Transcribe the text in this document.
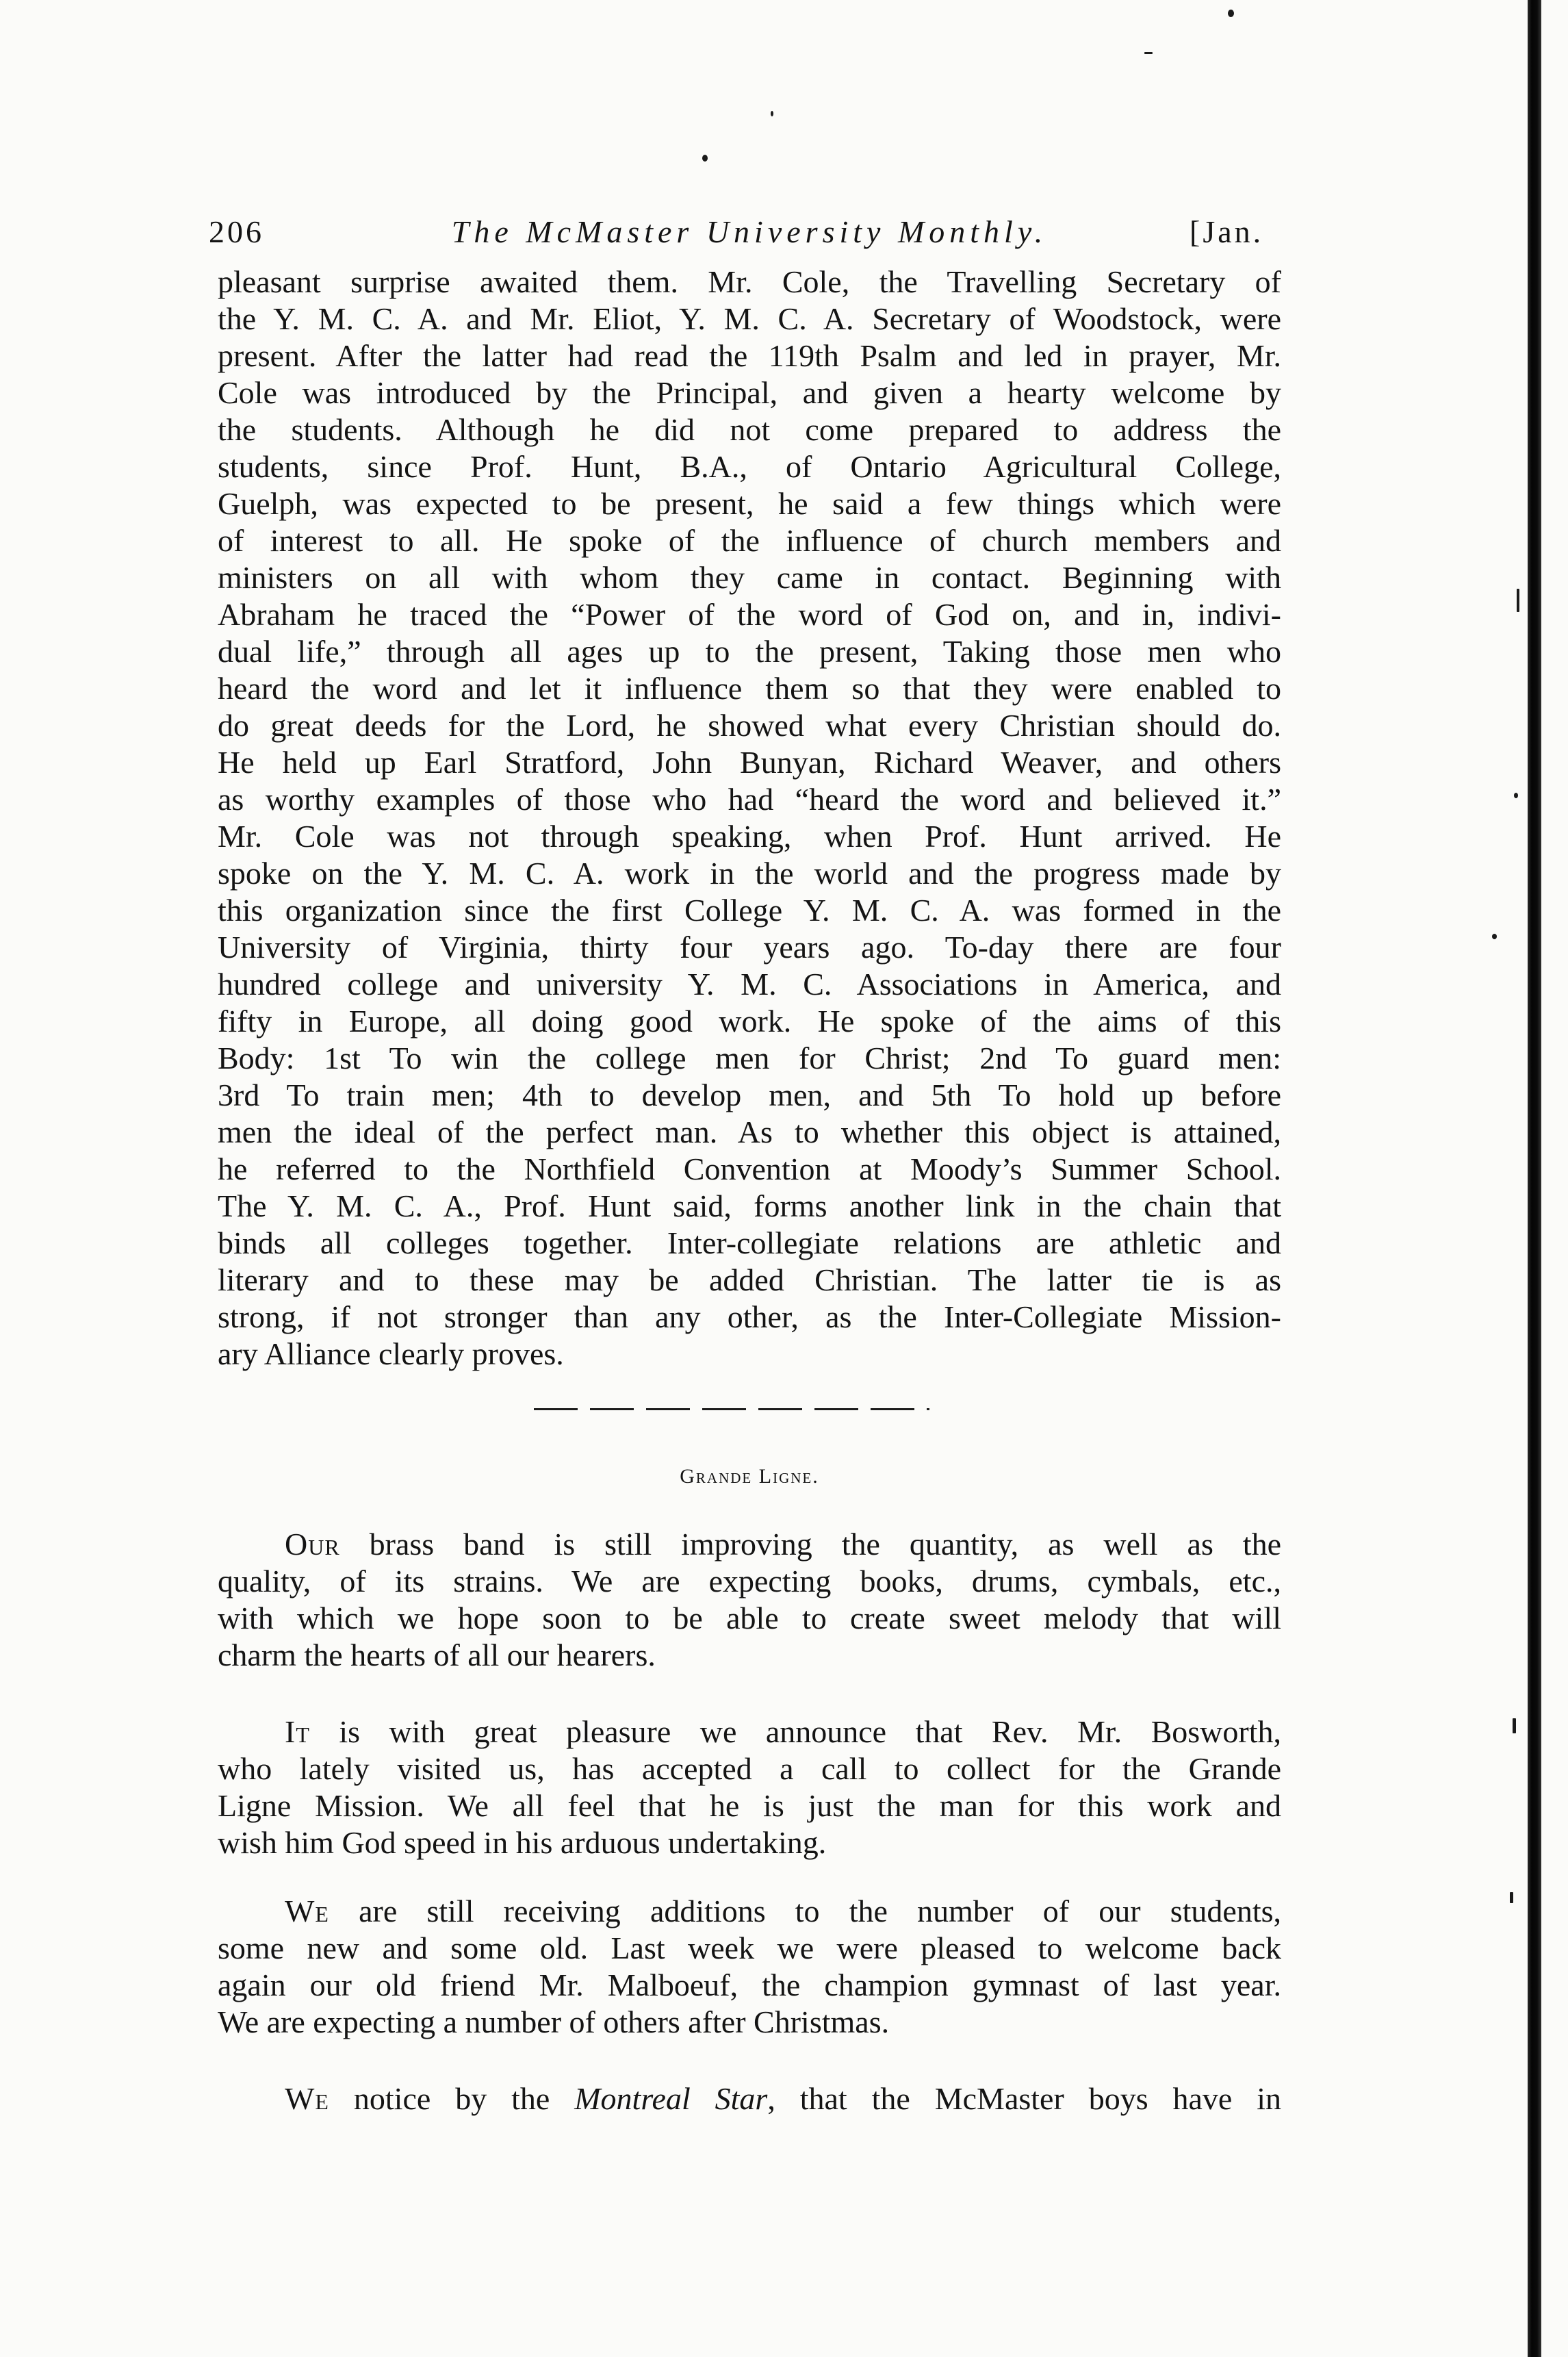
206	The McMaster University Monthly.	[Jan.
pleasant surprise awaited them. Mr. Cole, the Travelling Secretary of
the Y. M. C. A. and Mr. Eliot, Y. M. C. A. Secretary of Woodstock, were
present. After the latter had read the 119th Psalm and led in prayer, Mr.
Cole was introduced by the Principal, and given a hearty welcome by
the students. Although he did not come prepared to address the
students, since Prof. Hunt, B.A., of Ontario Agricultural College,
Guelph, was expected to be present, he said a few things which were
of interest to all. He spoke of the influence of church members and
ministers on all with whom they came in contact. Beginning with
Abraham he traced the “Power of the word of God on, and in, indivi-
dual life,” through all ages up to the present, Taking those men who
heard the word and let it influence them so that they were enabled to
do great deeds for the Lord, he showed what every Christian should do.
He held up Earl Stratford, John Bunyan, Richard Weaver, and others
as worthy examples of those who had “heard the word and believed it.”
Mr. Cole was not through speaking, when Prof. Hunt arrived. He
spoke on the Y. M. C. A. work in the world and the progress made by
this organization since the first College Y. M. C. A. was formed in the
University of Virginia, thirty four years ago. To-day there are four
hundred college and university Y. M. C. Associations in America, and
fifty in Europe, all doing good work. He spoke of the aims of this
Body: 1st To win the college men for Christ; 2nd To guard men:
3rd To train men; 4th to develop men, and 5th To hold up before
men the ideal of the perfect man. As to whether this object is attained,
he referred to the Northfield Convention at Moody’s Summer School.
The Y. M. C. A., Prof. Hunt said, forms another link in the chain that
binds all colleges together. Inter-collegiate relations are athletic and
literary and to these may be added Christian. The latter tie is as
strong, if not stronger than any other, as the Inter-Collegiate Mission-
ary Alliance clearly proves.
Grande Ligne.
Our brass band is still improving the quantity, as well as the
quality, of its strains. We are expecting books, drums, cymbals, etc.,
with which we hope soon to be able to create sweet melody that will
charm the hearts of all our hearers.
It is with great pleasure we announce that Rev. Mr. Bosworth,
who lately visited us, has accepted a call to collect for the Grande
Ligne Mission. We all feel that he is just the man for this work and
wish him God speed in his arduous undertaking.
We are still receiving additions to the number of our students,
some new and some old. Last week we were pleased to welcome back
again our old friend Mr. Malboeuf, the champion gymnast of last year.
We are expecting a number of others after Christmas.
We notice by the Montreal Star, that the McMaster boys have in
